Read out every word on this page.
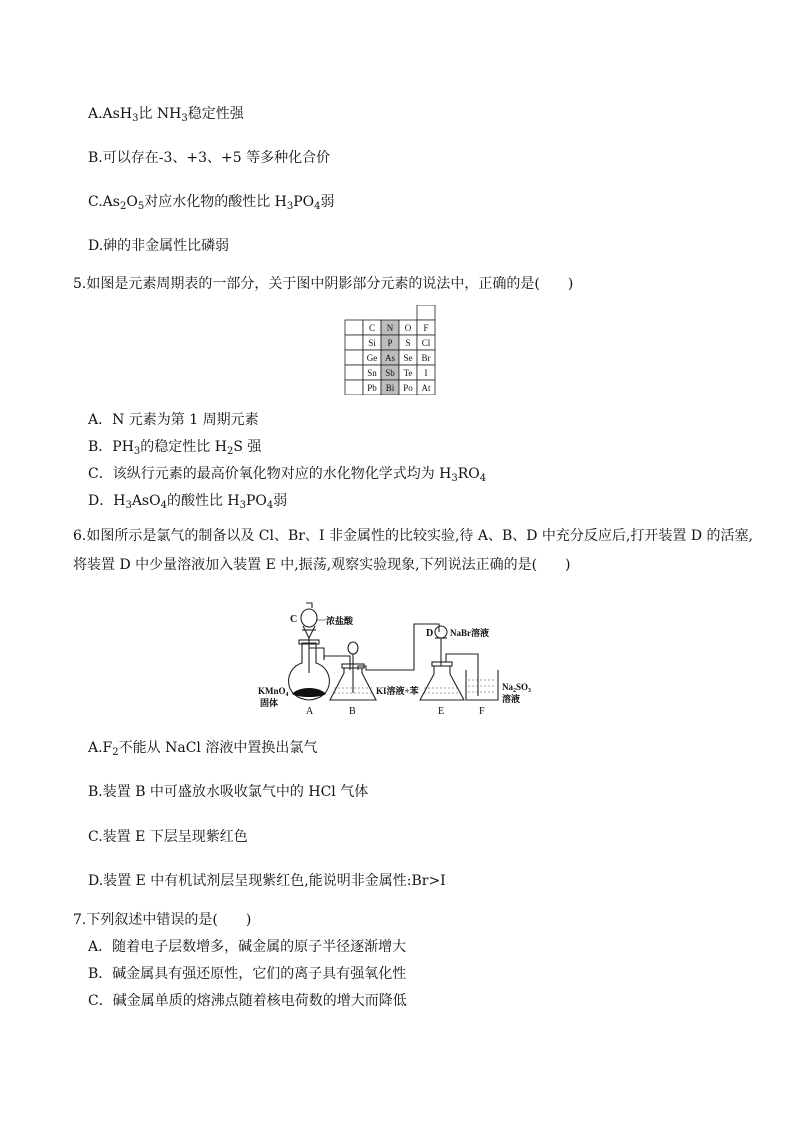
A.AsH$_3$比 $NH_3$稳定性强
B.可以存在-3、+3、+5 等多种化合价
$C.As_2O_5$对应水化物的酸性比 $H_3PO_4$弱
D.砷的非金属性比磷弱
5.如图是元素周期表的一部分，关于图中阴影部分元素的说法中，正确的是(　　)
C N O F
Si P S Cl
Ge As Se Br
Sn Sb Te I
Pb Bi Po At
A．N 元素为第 1 周期元素
B．$PH_3$的稳定性比 $H_2S$ 强
C．该纵行元素的最高价氧化物对应的水化物化学式均为 $H_3RO_4$
D．$H_3AsO_4$的酸性比 $H_3PO_4$弱
6.如图所示是氯气的制备以及 Cl、Br、I 非金属性的比较实验,待 A、B、D 中充分反应后,打开装置 D 的活塞,
将装置 D 中少量溶液加入装置 E 中,振荡,观察实验现象,下列说法正确的是(　　)
C	浓盐酸
D NaBr溶液
KMnO$_4$
固体
KI溶液+苯	$Na_2SO_3$
溶液
A	B	E	F
$A.F_2$不能从 NaCl 溶液中置换出氯气
B.装置 B 中可盛放水吸收氯气中的 HCl 气体
C.装置 E 下层呈现紫红色
D.装置 E 中有机试剂层呈现紫红色,能说明非金属性:Br>I
7.下列叙述中错误的是(　　)
A．随着电子层数增多，碱金属的原子半径逐渐增大
B．碱金属具有强还原性，它们的离子具有强氧化性
C．碱金属单质的熔沸点随着核电荷数的增大而降低
